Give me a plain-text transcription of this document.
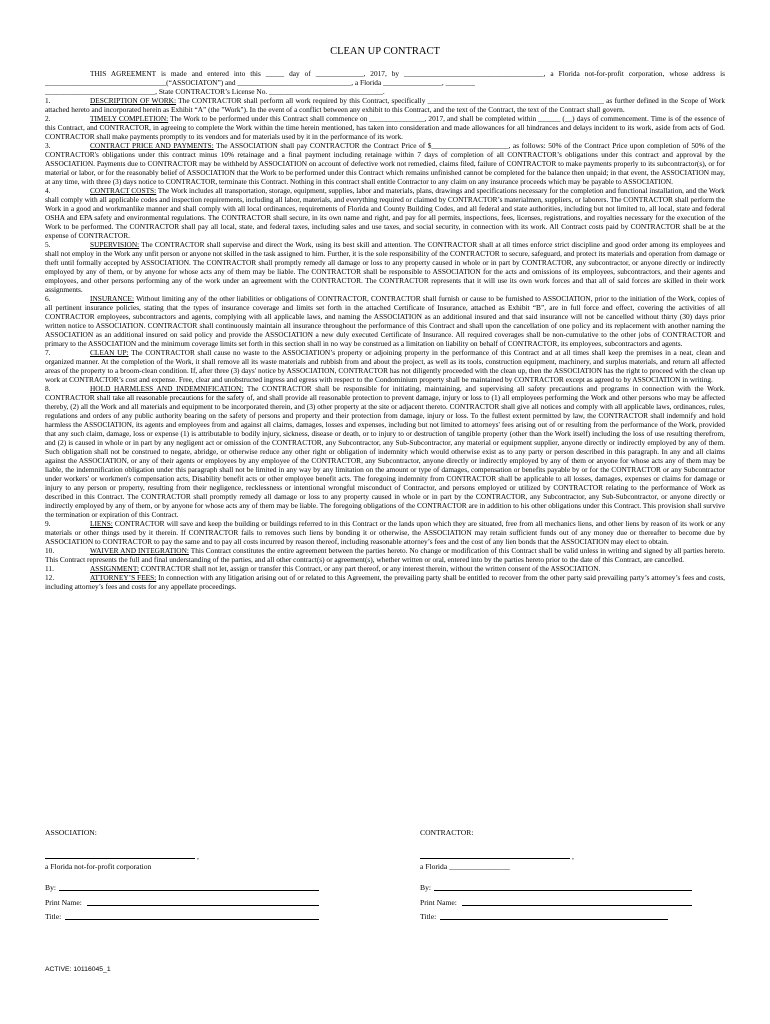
CLEAN UP CONTRACT

THIS AGREEMENT is made and entered into this _____ day of _____________, 2017, by ______________________________________, a Florida not-for-profit corporation, whose address is _________________________________(“ASSOCIATON”) and _______________________________, a Florida ________________, ________
______________________________, State CONTRACTOR’s License No. _______________________________.

1.	DESCRIPTION OF WORK: The CONTRACTOR shall perform all work required by this Contract, specifically ________________________________________________ as further defined in the Scope of Work attached hereto and incorporated herein as Exhibit “A” (the "Work"). In the event of a conflict between any exhibit to this Contract, and the text of the Contract, the text of the Contract shall govern.

2.	TIMELY COMPLETION: The Work to be performed under this Contract shall commence on _______________, 2017, and shall be completed within ______ (__) days of commencement. Time is of the essence of this Contract, and CONTRACTOR, in agreeing to complete the Work within the time herein mentioned, has taken into consideration and made allowances for all hindrances and delays incident to its work, aside from acts of God. CONTRACTOR shall make payments promptly to its vendors and for materials used by it in the performance of its work.

3.	CONTRACT PRICE AND PAYMENTS: The ASSOCIATION shall pay CONTRACTOR the Contract Price of $_____________________, as follows: 50% of the Contract Price upon completion of 50% of the CONTRACTOR's obligations under this contract minus 10% retainage and a final payment including retainage within 7 days of completion of all CONTRACTOR’s obligations under this contract and approval by the ASSOCIATION. Payments due to CONTRACTOR may be withheld by ASSOCIATION on account of defective work not remedied, claims filed, failure of CONTRACTOR to make payments properly to its subcontractor(s), or for material or labor, or for the reasonably belief of ASSOCIATION that the Work to be performed under this Contract which remains unfinished cannot be completed for the balance then unpaid; in that event, the ASSOCIATION may, at any time, with three (3) days notice to CONTRACTOR, terminate this Contract. Nothing in this contract shall entitle Contractor to any claim on any insurance proceeds which may be payable to ASSOCIATION.

4.	CONTRACT COSTS: The Work includes all transportation, storage, equipment, supplies, labor and materials, plans, drawings and specifications necessary for the completion and functional installation, and the Work shall comply with all applicable codes and inspection requirements, including all labor, materials, and everything required or claimed by CONTRACTOR’s materialmen, suppliers, or laborers. The CONTRACTOR shall perform the Work in a good and workmanlike manner and shall comply with all local ordinances, requirements of Florida and County Building Codes, and all federal and state authorities, including but not limited to, all local, state and federal OSHA and EPA safety and environmental regulations. The CONTRACTOR shall secure, in its own name and right, and pay for all permits, inspections, fees, licenses, registrations, and royalties necessary for the execution of the Work to be performed. The CONTRACTOR shall pay all local, state, and federal taxes, including sales and use taxes, and social security, in connection with its work. All Contract costs paid by CONTRACTOR shall be at the expense of CONTRACTOR.

5.	SUPERVISION: The CONTRACTOR shall supervise and direct the Work, using its best skill and attention. The CONTRACTOR shall at all times enforce strict discipline and good order among its employees and shall not employ in the Work any unfit person or anyone not skilled in the task assigned to him. Further, it is the sole responsibility of the CONTRACTOR to secure, safeguard, and protect its materials and operation from damage or theft until formally accepted by ASSOCIATION. The CONTRACTOR shall promptly remedy all damage or loss to any property caused in whole or in part by CONTRACTOR, any subcontractor, or anyone directly or indirectly employed by any of them, or by anyone for whose acts any of them may be liable. The CONTRACTOR shall be responsible to ASSOCIATION for the acts and omissions of its employees, subcontractors, and their agents and employees, and other persons performing any of the work under an agreement with the CONTRACTOR. The CONTRACTOR represents that it will use its own work forces and that all of said forces are skilled in their work assignments.

6.	INSURANCE: Without limiting any of the other liabilities or obligations of CONTRACTOR, CONTRACTOR shall furnish or cause to be furnished to ASSOCIATION, prior to the initiation of the Work, copies of all pertinent insurance policies, stating that the types of insurance coverage and limits set forth in the attached Certificate of Insurance, attached as Exhibit “B”, are in full force and effect, covering the activities of all CONTRACTOR employees, subcontractors and agents, complying with all applicable laws, and naming the ASSOCIATION as an additional insured and that said insurance will not be cancelled without thirty (30) days prior written notice to ASSOCIATION. CONTRACTOR shall continuously maintain all insurance throughout the performance of this Contract and shall upon the cancellation of one policy and its replacement with another naming the ASSOCIATION as an additional insured on said policy and provide the ASSOCIATION a new duly executed Certificate of Insurance. All required coverages shall be non-cumulative to the other jobs of CONTRACTOR and primary to the ASSOCIATION and the minimum coverage limits set forth in this section shall in no way be construed as a limitation on liability on behalf of CONTRACTOR, its employees, subcontractors and agents.

7.	CLEAN UP: The CONTRACTOR shall cause no waste to the ASSOCIATION’s property or adjoining property in the performance of this Contract and at all times shall keep the premises in a neat, clean and organized manner. At the completion of the Work, it shall remove all its waste materials and rubbish from and about the project, as well as its tools, construction equipment, machinery, and surplus materials, and return all affected areas of the property to a broom-clean condition. If, after three (3) days' notice by ASSOCIATION, CONTRACTOR has not diligently proceeded with the clean up, then the ASSOCIATION has the right to proceed with the clean up work at CONTRACTOR’s cost and expense. Free, clear and unobstructed ingress and egress with respect to the Condominium property shall be maintained by CONTRACTOR except as agreed to by ASSOCIATION in writing.

8.	HOLD HARMLESS AND INDEMNIFICATION: The CONTRACTOR shall be responsible for initiating, maintaining, and supervising all safety precautions and programs in connection with the Work. CONTRACTOR shall take all reasonable precautions for the safety of, and shall provide all reasonable protection to prevent damage, injury or loss to (1) all employees performing the Work and other persons who may be affected thereby, (2) all the Work and all materials and equipment to be incorporated therein, and (3) other property at the site or adjacent thereto. CONTRACTOR shall give all notices and comply with all applicable laws, ordinances, rules, regulations and orders of any public authority bearing on the safety of persons and property and their protection from damage, injury or loss. To the fullest extent permitted by law, the CONTRACTOR shall indemnify and hold harmless the ASSOCIATION, its agents and employees from and against all claims, damages, losses and expenses, including but not limited to attorneys' fees arising out of or resulting from the performance of the Work, provided that any such claim, damage, loss or expense (1) is attributable to bodily injury, sickness, disease or death, or to injury to or destruction of tangible property (other than the Work itself) including the loss of use resulting therefrom, and (2) is caused in whole or in part by any negligent act or omission of the CONTRACTOR, any Subcontractor, any Sub-Subcontractor, any material or equipment supplier, anyone directly or indirectly employed by any of them. Such obligation shall not be construed to negate, abridge, or otherwise reduce any other right or obligation of indemnity which would otherwise exist as to any party or person described in this paragraph. In any and all claims against the ASSOCIATION, or any of their agents or employees by any employee of the CONTRACTOR, any Subcontractor, anyone directly or indirectly employed by any of them or anyone for whose acts any of them may be liable, the indemnification obligation under this paragraph shall not be limited in any way by any limitation on the amount or type of damages, compensation or benefits payable by or for the CONTRACTOR or any Subcontractor under workers' or workmen's compensation acts, Disability benefit acts or other employee benefit acts. The foregoing indemnity from CONTRACTOR shall be applicable to all losses, damages, expenses or claims for damage or injury to any person or property, resulting from their negligence, recklessness or intentional wrongful misconduct of Contractor, and persons employed or utilized by CONTRACTOR relating to the performance of Work as described in this Contract. The CONTRACTOR shall promptly remedy all damage or loss to any property caused in whole or in part by the CONTRACTOR, any Subcontractor, any Sub-Subcontractor, or anyone directly or indirectly employed by any of them, or by anyone for whose acts any of them may be liable. The foregoing obligations of the CONTRACTOR are in addition to his other obligations under this Contract. This provision shall survive the termination or expiration of this Contract.

9.	LIENS: CONTRACTOR will save and keep the building or buildings referred to in this Contract or the lands upon which they are situated, free from all mechanics liens, and other liens by reason of its work or any materials or other things used by it therein. If CONTRACTOR fails to removes such liens by bonding it or otherwise, the ASSOCIATION may retain sufficient funds out of any money due or thereafter to become due by ASSOCIATION to CONTRACTOR to pay the same and to pay all costs incurred by reason thereof, including reasonable attorney’s fees and the cost of any lien bonds that the ASSOCIATION may elect to obtain.

10.	WAIVER AND INTEGRATION: This Contract constitutes the entire agreement between the parties hereto. No change or modification of this Contract shall be valid unless in writing and signed by all parties hereto. This Contract represents the full and final understanding of the parties, and all other contract(s) or agreement(s), whether written or oral, entered into by the parties hereto prior to the date of this Contract, are cancelled.

11.	ASSIGNMENT: CONTRACTOR shall not let, assign or transfer this Contract, or any part thereof, or any interest therein, without the written consent of the ASSOCIATION.

12.	ATTORNEY’S FEES: In connection with any litigation arising out of or related to this Agreement, the prevailing party shall be entitled to recover from the other party said prevailing party’s attorney’s fees and costs, including attorney’s fees and costs for any appellate proceedings.

ASSOCIATION:
,
a Florida not-for-profit corporation
By:
Print Name:
Title:
CONTRACTOR:
,
a Florida ________________
By:
Print Name:
Title:
ACTIVE: 10116045_1
